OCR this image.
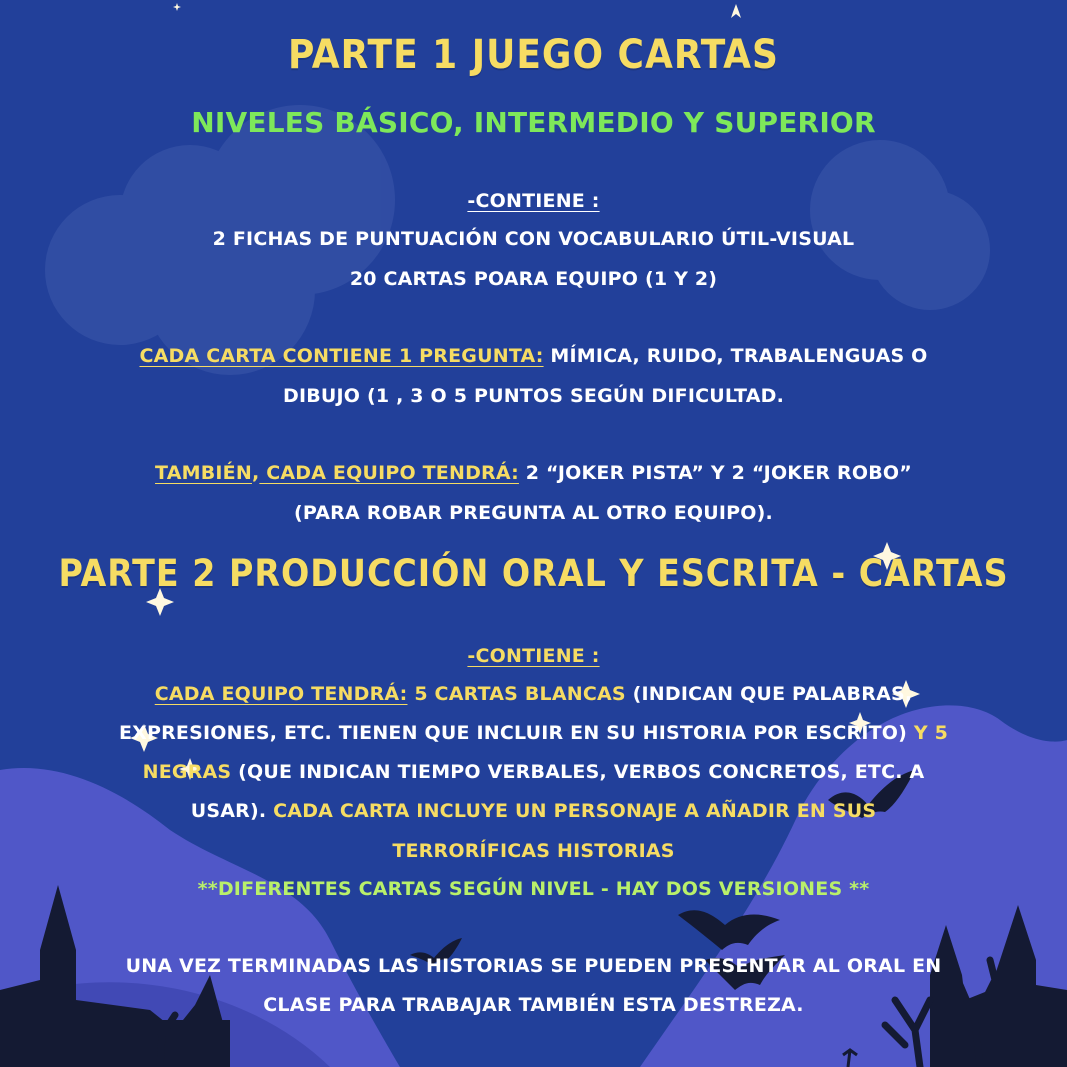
PARTE 1 JUEGO CARTAS
NIVELES BÁSICO, INTERMEDIO Y SUPERIOR
-CONTIENE :
2 FICHAS DE PUNTUACIÓN CON VOCABULARIO ÚTIL-VISUAL
20 CARTAS POARA EQUIPO (1 Y 2)
CADA CARTA CONTIENE 1 PREGUNTA: MÍMICA, RUIDO, TRABALENGUAS O
DIBUJO (1 , 3 O 5 PUNTOS SEGÚN DIFICULTAD.
TAMBIÉN, CADA EQUIPO TENDRÁ: 2 “JOKER PISTA” Y 2 “JOKER ROBO”
(PARA ROBAR PREGUNTA AL OTRO EQUIPO).
PARTE 2 PRODUCCIÓN ORAL Y ESCRITA - CARTAS
-CONTIENE :
CADA EQUIPO TENDRÁ: 5 CARTAS BLANCAS (INDICAN QUE PALABRAS,
EXPRESIONES, ETC. TIENEN QUE INCLUIR EN SU HISTORIA POR ESCRITO) Y 5
NEGRAS (QUE INDICAN TIEMPO VERBALES, VERBOS CONCRETOS, ETC. A
USAR). CADA CARTA INCLUYE UN PERSONAJE A AÑADIR EN SUS
TERRORÍFICAS HISTORIAS
**DIFERENTES CARTAS SEGÚN NIVEL - HAY DOS VERSIONES **
UNA VEZ TERMINADAS LAS HISTORIAS SE PUEDEN PRESENTAR AL ORAL EN
CLASE PARA TRABAJAR TAMBIÉN ESTA DESTREZA.
